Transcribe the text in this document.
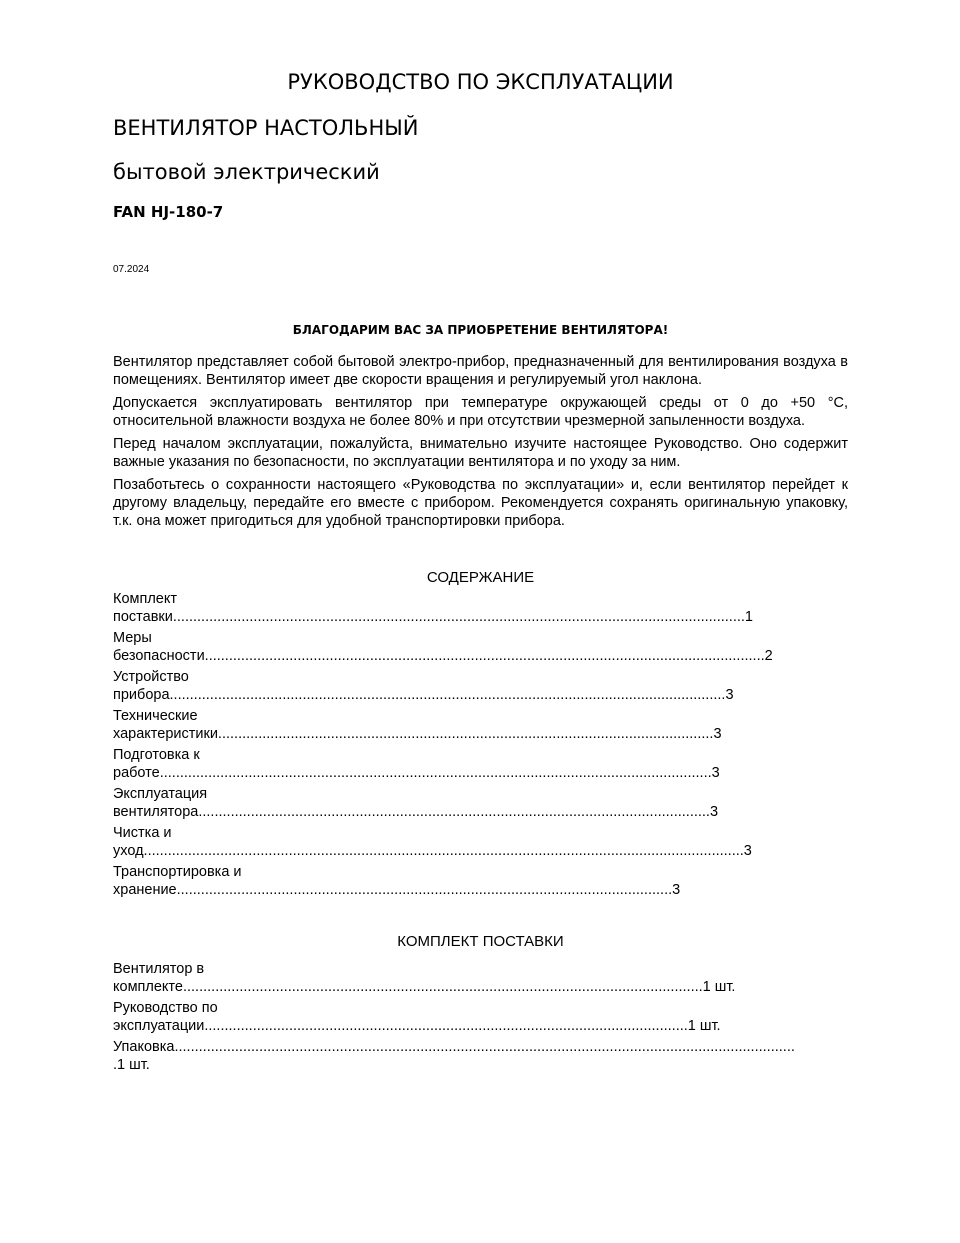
РУКОВОДСТВО ПО ЭКСПЛУАТАЦИИ
ВЕНТИЛЯТОР НАСТОЛЬНЫЙ
бытовой электрический
FAN HJ-180-7
07.2024
БЛАГОДАРИМ ВАС ЗА ПРИОБРЕТЕНИЕ ВЕНТИЛЯТОРА!

Вентилятор представляет собой бытовой электро-прибор, предназначенный для вентилирования воздуха в помещениях. Вентилятор имеет две скорости вращения и регулируемый угол наклона.

Допускается эксплуатировать вентилятор при температуре окружающей среды от 0 до +50 °С, относительной влажности воздуха не более 80% и при отсутствии чрезмерной запыленности воздуха.

Перед началом эксплуатации, пожалуйста, внимательно изучите настоящее Руководство. Оно содержит важные указания по безопасности, по эксплуатации вентилятора и по уходу за ним.

Позаботьтесь о сохранности настоящего «Руководства по эксплуатации» и, если вентилятор перейдет к другому владельцу, передайте его вместе с прибором. Рекомендуется сохранять оригинальную упаковку, т.к. она может пригодиться для удобной транспортировки прибора.

СОДЕРЖАНИЕ
Комплект
поставки..............................................................................................................................................1
Меры
безопасности...........................................................................................................................................2
Устройство
прибора..........................................................................................................................................3
Технические
характеристики...........................................................................................................................3
Подготовка к
работе.........................................................................................................................................3
Эксплуатация
вентилятора...............................................................................................................................3
Чистка и
уход.....................................................................................................................................................3
Транспортировка и
хранение...........................................................................................................................3
КОМПЛЕКТ ПОСТАВКИ
Вентилятор в
комплекте.................................................................................................................................1 шт.
Руководство по
эксплуатации........................................................................................................................1 шт.
Упаковка..........................................................................................................................................................
.1 шт.
